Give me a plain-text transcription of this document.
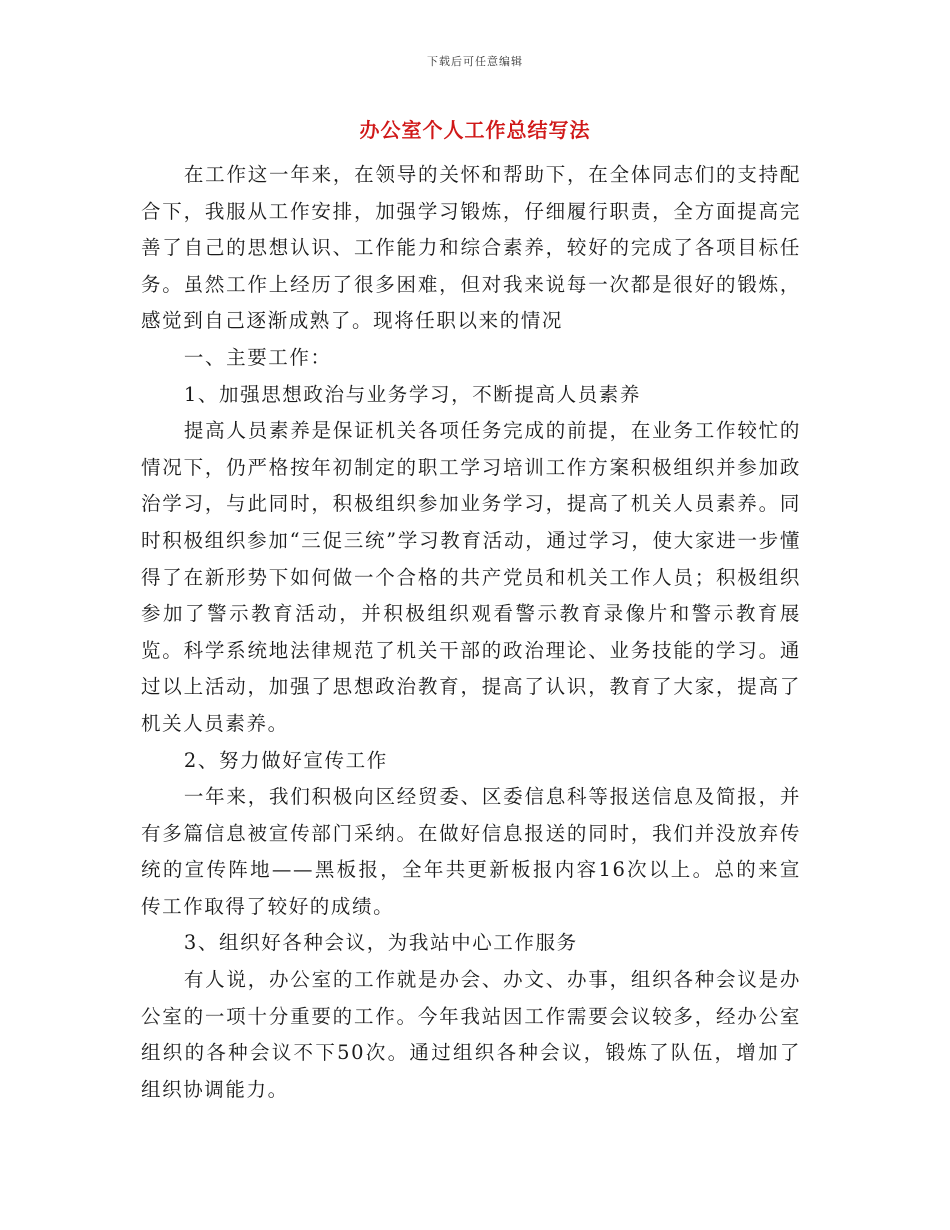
下载后可任意编辑
办公室个人工作总结写法

在工作这一年来，在领导的关怀和帮助下，在全体同志们的支持配合下，我服从工作安排，加强学习锻炼，仔细履行职责，全方面提高完善了自己的思想认识、工作能力和综合素养，较好的完成了各项目标任务。虽然工作上经历了很多困难，但对我来说每一次都是很好的锻炼，感觉到自己逐渐成熟了。现将任职以来的情况

一、主要工作：

1、加强思想政治与业务学习，不断提高人员素养

提高人员素养是保证机关各项任务完成的前提，在业务工作较忙的情况下，仍严格按年初制定的职工学习培训工作方案积极组织并参加政治学习，与此同时，积极组织参加业务学习，提高了机关人员素养。同时积极组织参加“三促三统”学习教育活动，通过学习，使大家进一步懂得了在新形势下如何做一个合格的共产党员和机关工作人员；积极组织参加了警示教育活动，并积极组织观看警示教育录像片和警示教育展览。科学系统地法律规范了机关干部的政治理论、业务技能的学习。通过以上活动，加强了思想政治教育，提高了认识，教育了大家，提高了机关人员素养。

2、努力做好宣传工作

一年来，我们积极向区经贸委、区委信息科等报送信息及简报，并有多篇信息被宣传部门采纳。在做好信息报送的同时，我们并没放弃传统的宣传阵地——黑板报，全年共更新板报内容16次以上。总的来宣传工作取得了较好的成绩。

3、组织好各种会议，为我站中心工作服务

有人说，办公室的工作就是办会、办文、办事，组织各种会议是办公室的一项十分重要的工作。今年我站因工作需要会议较多，经办公室组织的各种会议不下50次。通过组织各种会议，锻炼了队伍，增加了组织协调能力。
